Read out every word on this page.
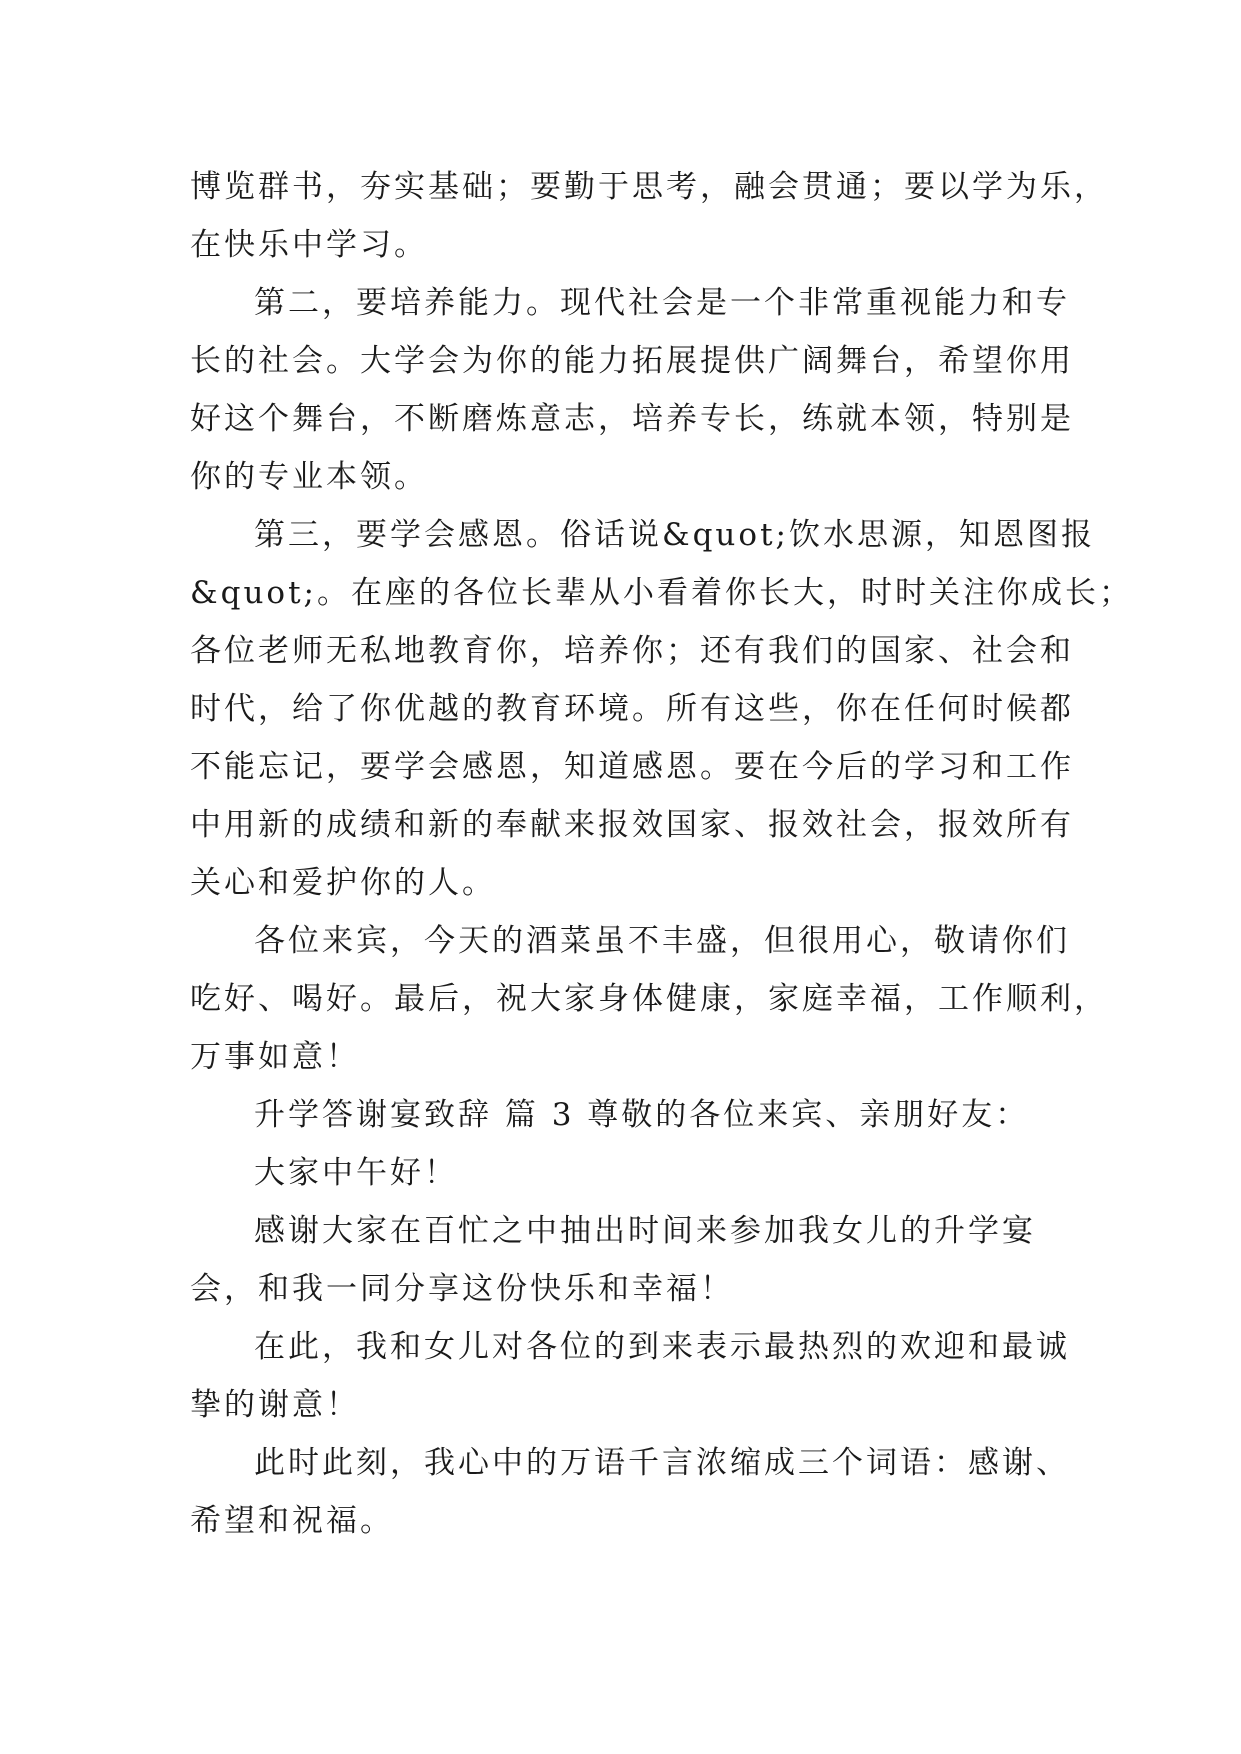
博览群书，夯实基础；要勤于思考，融会贯通；要以学为乐，
在快乐中学习。
第二，要培养能力。现代社会是一个非常重视能力和专
长的社会。大学会为你的能力拓展提供广阔舞台，希望你用
好这个舞台，不断磨炼意志，培养专长，练就本领，特别是
你的专业本领。
第三，要学会感恩。俗话说&quot;饮水思源，知恩图报
&quot;。在座的各位长辈从小看着你长大，时时关注你成长；
各位老师无私地教育你，培养你；还有我们的国家、社会和
时代，给了你优越的教育环境。所有这些，你在任何时候都
不能忘记，要学会感恩，知道感恩。要在今后的学习和工作
中用新的成绩和新的奉献来报效国家、报效社会，报效所有
关心和爱护你的人。
各位来宾，今天的酒菜虽不丰盛，但很用心，敬请你们
吃好、喝好。最后，祝大家身体健康，家庭幸福，工作顺利，
万事如意！
升学答谢宴致辞 篇 3 尊敬的各位来宾、亲朋好友：
大家中午好！
感谢大家在百忙之中抽出时间来参加我女儿的升学宴
会，和我一同分享这份快乐和幸福！
在此，我和女儿对各位的到来表示最热烈的欢迎和最诚
挚的谢意！
此时此刻，我心中的万语千言浓缩成三个词语：感谢、
希望和祝福。
